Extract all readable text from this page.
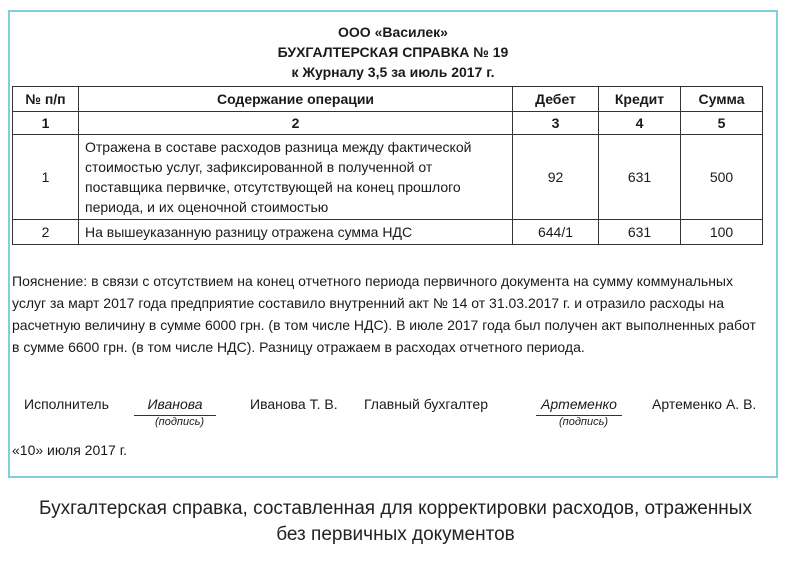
ООО «Василек»
БУХГАЛТЕРСКАЯ СПРАВКА № 19
к Журналу 3,5 за июль 2017 г.
№ п/п	Содержание операции	Дебет	Кредит	Сумма
1	2	3	4	5
1	Отражена в составе расходов разница между фактической стоимостью услуг, зафиксированной в полученной от поставщика первичке, отсутствующей на конец прошлого периода, и их оценочной стоимостью	92	631	500
2	На вышеуказанную разницу отражена сумма НДС	644/1	631	100
Пояснение: в связи с отсутствием на конец отчетного периода первичного документа на сумму коммунальных услуг за март 2017 года предприятие составило внутренний акт № 14 от 31.03.2017 г. и отразило расходы на расчетную величину в сумме 6000 грн. (в том числе НДС). В июле 2017 года был получен акт выполненных работ в сумме 6600 грн. (в том числе НДС). Разницу отражаем в расходах отчетного периода.
Исполнитель	Иванова
(подпись)
Иванова Т. В. Главный бухгалтер	Артеменко
(подпись)
Артеменко А. В.
«10» июля 2017 г.
Бухгалтерская справка, составленная для корректировки расходов, отраженных
без первичных документов
